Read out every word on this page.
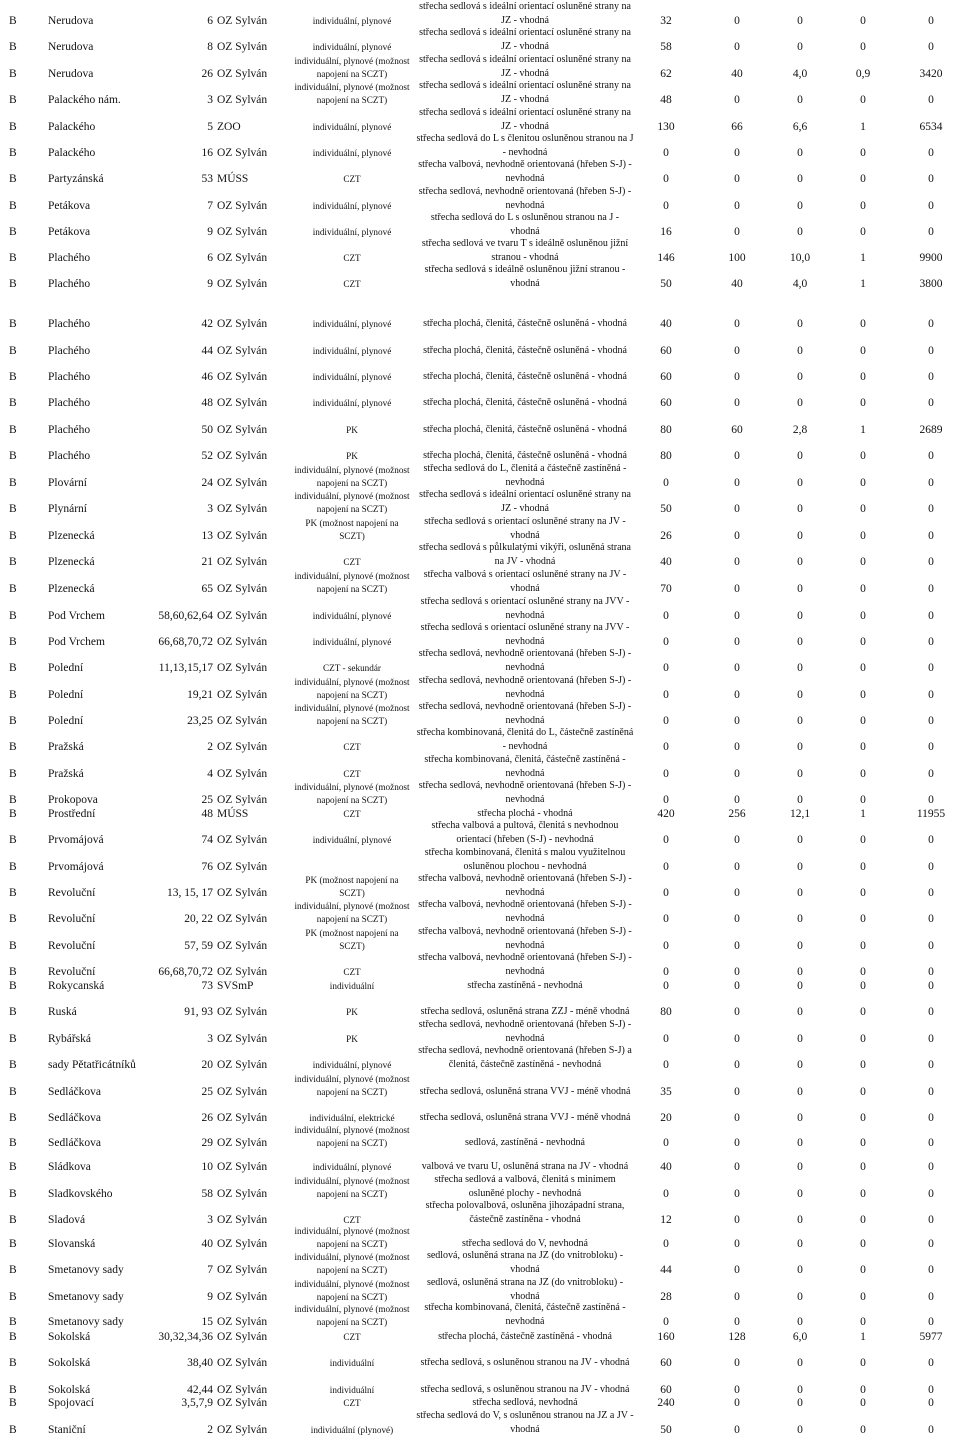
B	Nerudova	6 OZ Sylván	individuální, plynové
střecha sedlová s ideální orientací osluněné strany na
JZ - vhodná	32	0	0	0	0
B	Nerudova	8 OZ Sylván	individuální, plynové
střecha sedlová s ideální orientací osluněné strany na
JZ - vhodná	58	0	0	0	0
B	Nerudova	26 OZ Sylván
individuální, plynové (možnost
napojení na SCZT)
střecha sedlová s ideální orientací osluněné strany na
JZ - vhodná	62	40	4,0	0,9	3420
B	Palackého nám.	3 OZ Sylván
individuální, plynové (možnost
napojení na SCZT)
střecha sedlová s ideální orientací osluněné strany na
JZ - vhodná	48	0	0	0	0
B	Palackého	5 ZOO	individuální, plynové
střecha sedlová s ideální orientací osluněné strany na
JZ - vhodná	130	66	6,6	1	6534
B	Palackého	16 OZ Sylván	individuální, plynové
střecha sedlová do L s členitou osluněnou stranou na J
- nevhodná	0	0	0	0	0
B	Partyzánská	53 MÚSS	CZT
střecha valbová, nevhodně orientovaná (hřeben S-J) -
nevhodná	0	0	0	0	0
B	Petákova	7 OZ Sylván	individuální, plynové
střecha sedlová, nevhodně orientovaná (hřeben S-J) -
nevhodná	0	0	0	0	0
B	Petákova	9 OZ Sylván	individuální, plynové
střecha sedlová do L s osluněnou stranou na J -
vhodná	16	0	0	0	0
B	Plachého	6 OZ Sylván	CZT
střecha sedlová ve tvaru T s ideálně osluněnou jižní
stranou - vhodná	146	100	10,0	1	9900
B	Plachého	9 OZ Sylván	CZT
střecha sedlová s ideálně osluněnou jižní stranou -
vhodná	50	40	4,0	1	3800
B	Plachého	42 OZ Sylván	individuální, plynové	střecha plochá, členitá, částečně osluněná - vhodná	40	0	0	0	0
B	Plachého	44 OZ Sylván	individuální, plynové	střecha plochá, členitá, částečně osluněná - vhodná	60	0	0	0	0
B	Plachého	46 OZ Sylván	individuální, plynové	střecha plochá, členitá, částečně osluněná - vhodná	60	0	0	0	0
B	Plachého	48 OZ Sylván	individuální, plynové	střecha plochá, členitá, částečně osluněná - vhodná	60	0	0	0	0
B	Plachého	50 OZ Sylván	PK	střecha plochá, členitá, částečně osluněná - vhodná	80	60	2,8	1	2689
B	Plachého	52 OZ Sylván	PK	střecha plochá, členitá, částečně osluněná - vhodná	80	0	0	0	0
B	Plovární	24 OZ Sylván
individuální, plynové (možnost
napojení na SCZT)
střecha sedlová do L, členitá a částečně zastíněná -
nevhodná	0	0	0	0	0
B	Plynární	3 OZ Sylván
individuální, plynové (možnost
napojení na SCZT)
střecha sedlová s ideální orientací osluněné strany na
JZ - vhodná	50	0	0	0	0
B	Plzenecká	13 OZ Sylván
PK (možnost napojení na
SCZT)
střecha sedlová s orientací osluněné strany na JV -
vhodná	26	0	0	0	0
B	Plzenecká	21 OZ Sylván	CZT
střecha sedlová s půlkulatými vikýři, osluněná strana
na JV - vhodná	40	0	0	0	0
B	Plzenecká	65 OZ Sylván
individuální, plynové (možnost
napojení na SCZT)
střecha valbová s orientací osluněné strany na JV -
vhodná	70	0	0	0	0
B	Pod Vrchem	58,60,62,64 OZ Sylván	individuální, plynové
střecha sedlová s orientací osluněné strany na JVV -
nevhodná	0	0	0	0	0
B	Pod Vrchem	66,68,70,72 OZ Sylván	individuální, plynové
střecha sedlová s orientací osluněné strany na JVV -
nevhodná	0	0	0	0	0
B	Polední	11,13,15,17 OZ Sylván	CZT - sekundár
střecha sedlová, nevhodně orientovaná (hřeben S-J) -
nevhodná	0	0	0	0	0
B	Polední	19,21 OZ Sylván
individuální, plynové (možnost
napojení na SCZT)
střecha sedlová, nevhodně orientovaná (hřeben S-J) -
nevhodná	0	0	0	0	0
B	Polední	23,25 OZ Sylván
individuální, plynové (možnost
napojení na SCZT)
střecha sedlová, nevhodně orientovaná (hřeben S-J) -
nevhodná	0	0	0	0	0
B	Pražská	2 OZ Sylván	CZT
střecha kombinovaná, členitá do L, částečně zastíněná
- nevhodná	0	0	0	0	0
B	Pražská	4 OZ Sylván	CZT
střecha kombinovaná, členitá, částečně zastíněná -
nevhodná	0	0	0	0	0
B	Prokopova	25 OZ Sylván
individuální, plynové (možnost
napojení na SCZT)
střecha sedlová, nevhodně orientovaná (hřeben S-J) -
nevhodná	0	0	0	0	0
B	Prostřední	48 MÚSS	CZT	střecha plochá - vhodná	420	256	12,1	1	11955
B	Prvomájová	74 OZ Sylván	individuální, plynové
střecha valbová a pultová, členitá s nevhodnou
orientací (hřeben (S-J) - nevhodná	0	0	0	0	0
B	Prvomájová	76 OZ Sylván
střecha kombinovaná, členitá s malou využitelnou
osluněnou plochou - nevhodná	0	0	0	0	0
B	Revoluční	13, 15, 17 OZ Sylván
PK (možnost napojení na
SCZT)
střecha valbová, nevhodně orientovaná (hřeben S-J) -
nevhodná	0	0	0	0	0
B	Revoluční	20, 22 OZ Sylván
individuální, plynové (možnost
napojení na SCZT)
střecha valbová, nevhodně orientovaná (hřeben S-J) -
nevhodná	0	0	0	0	0
B	Revoluční	57, 59 OZ Sylván
PK (možnost napojení na
SCZT)
střecha valbová, nevhodně orientovaná (hřeben S-J) -
nevhodná	0	0	0	0	0
B	Revoluční	66,68,70,72 OZ Sylván	CZT
střecha valbová, nevhodně orientovaná (hřeben S-J) -
nevhodná	0	0	0	0	0
B	Rokycanská	73 SVSmP	individuální	střecha zastíněná - nevhodná	0	0	0	0	0
B	Ruská	91, 93 OZ Sylván	PK	střecha sedlová, osluněná strana ZZJ - méně vhodná	80	0	0	0	0
B	Rybářská	3 OZ Sylván	PK
střecha sedlová, nevhodně orientovaná (hřeben S-J) -
nevhodná	0	0	0	0	0
B	sady Pětatřicátníků	20 OZ Sylván	individuální, plynové
střecha sedlová, nevhodně orientovaná (hřeben S-J) a
členitá, částečně zastíněná - nevhodná	0	0	0	0	0
B	Sedláčkova	25 OZ Sylván
individuální, plynové (možnost
napojení na SCZT)	střecha sedlová, osluněná strana VVJ - méně vhodná	35	0	0	0	0
B	Sedláčkova	26 OZ Sylván	individuální, elektrické	střecha sedlová, osluněná strana VVJ - méně vhodná	20	0	0	0	0
B	Sedláčkova	29 OZ Sylván
individuální, plynové (možnost
napojení na SCZT)	sedlová, zastíněná - nevhodná	0	0	0	0	0
B	Sládkova	10 OZ Sylván	individuální, plynové	valbová ve tvaru U, osluněná strana na JV - vhodná	40	0	0	0	0
B	Sladkovského	58 OZ Sylván
individuální, plynové (možnost
napojení na SCZT)
střecha sedlová a valbová, členitá s minimem
osluněné plochy - nevhodná	0	0	0	0	0
B	Sladová	3 OZ Sylván	CZT
střecha polovalbová, osluněna jihozápadní strana,
částečně zastíněna - vhodná	12	0	0	0	0
B	Slovanská	40 OZ Sylván
individuální, plynové (možnost
napojení na SCZT)	střecha sedlová do V, nevhodná	0	0	0	0	0
B	Smetanovy sady	7 OZ Sylván
individuální, plynové (možnost
napojení na SCZT)
sedlová, osluněná strana na JZ (do vnitrobloku) -
vhodná	44	0	0	0	0
B	Smetanovy sady	9 OZ Sylván
individuální, plynové (možnost
napojení na SCZT)
sedlová, osluněná strana na JZ (do vnitrobloku) -
vhodná	28	0	0	0	0
B	Smetanovy sady	15 OZ Sylván
individuální, plynové (možnost
napojení na SCZT)
střecha kombinovaná, členitá, částečně zastíněná -
nevhodná	0	0	0	0	0
B	Sokolská	30,32,34,36 OZ Sylván	CZT	střecha plochá, částečně zastíněná - vhodná	160	128	6,0	1	5977
B	Sokolská	38,40 OZ Sylván	individuální	střecha sedlová, s osluněnou stranou na JV - vhodná	60	0	0	0	0
B	Sokolská	42,44 OZ Sylván	individuální	střecha sedlová, s osluněnou stranou na JV - vhodná	60	0	0	0	0
B	Spojovací	3,5,7,9 OZ Sylván	CZT	střecha sedlová, nevhodná	240	0	0	0	0
B	Staniční	2 OZ Sylván	individuální (plynové)
střecha sedlová do V, s osluněnou stranou na JZ a JV -
vhodná	50	0	0	0	0
